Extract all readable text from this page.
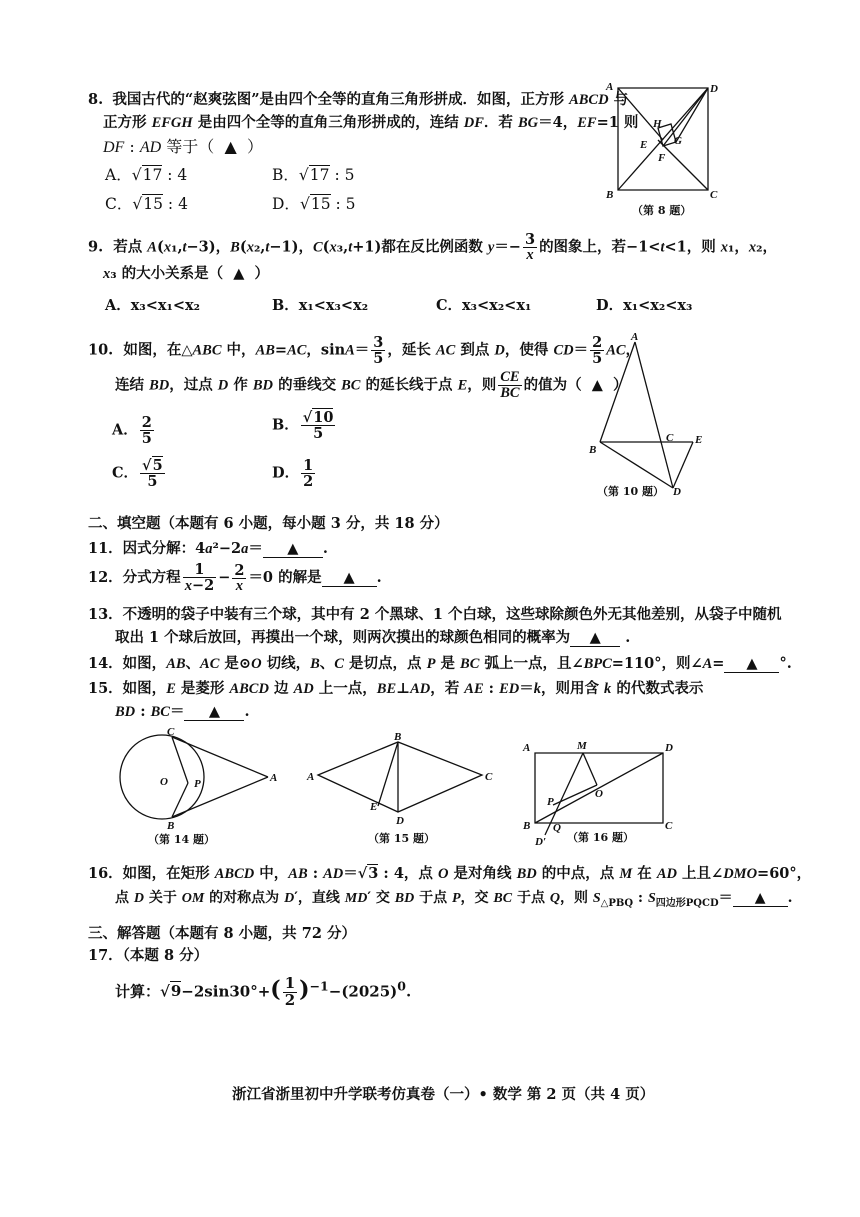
8. 我国古代的“赵爽弦图”是由四个全等的直角三角形拼成．如图，正方形 ABCD 与
正方形 EFGH 是由四个全等的直角三角形拼成的，连结 DF．若 BG＝4，EF=1 则
DF : AD 等于（  ▲  ）
A．√17 : 4	B．√17 : 5
C．√15 : 4	D．√15 : 5
A	D
B	C
H
E G
F
（第 8 题）
9.  若点 A(x₁,t−3)，B(x₂,t−1)，C(x₃,t+1)都在反比例函数 $y=- \frac{3}{x}$ 的图象上，若−1<t<1，则 x₁，x₂，
x₃ 的大小关系是（  ▲  ）
A．x₃<x₁<x₂	B．x₁<x₃<x₂	C．x₃<x₂<x₁	D．x₁<x₂<x₃
10.  如图，在△ABC 中，AB=AC，$\sin A= \frac{3}{5}$ ，延长 AC 到点 D，使得 $CD= \frac{2}{5}$ AC，
连结 BD，过点 D 作 BD 的垂线交 BC 的延长线于点 E，则 $\frac{CE}{BC}$ 的值为（  ▲  ）
A． $\frac{2}{5}$	B． $\frac{√10}{5}$
C． $\frac{√5}{5}$	D． $\frac{1}{2}$
A
B
C E
D
（第 10 题）
二、填空题（本题有 6 小题，每小题 3 分，共 18 分）
11．因式分解：4a²−2a＝ ▲ .
12．分式方程 $\frac{1}{x-2} - \frac{2}{x} =0$ 的解是 ▲ .
13．不透明的袋子中装有三个球，其中有 2 个黑球、1 个白球，这些球除颜色外无其他差别，从袋子中随机
取出 1 个球后放回，再摸出一个球，则两次摸出的球颜色相同的概率为 ▲ .
14．如图，AB、AC 是⊙O 切线，B、C 是切点，点 P 是 BC 弧上一点，且∠BPC=110°，则∠A= ▲ °.
15．如图，E 是菱形 ABCD 边 AD 上一点，BE⊥AD，若 AE : ED＝k，则用含 k 的代数式表示
BD : BC＝ ▲ .
C
B
A
O P
（第 14 题）
A
B
C
D
E
（第 15 题）
A	M	D
B	C
O
P
Q
D′ （第 16 题）
16．如图，在矩形 ABCD 中，AB : AD＝√3 : 4，点 O 是对角线 BD 的中点，点 M 在 AD 上且∠DMO=60°，
点 D 关于 OM 的对称点为 D′，直线 MD′ 交 BD 于点 P，交 BC 于点 Q，则 $S_{\triangle PBQ}$ : $S_{四边形PQCD}=$ ▲ .
三、解答题（本题有 8 小题，共 72 分）
17．（本题 8 分）
计算：$√9-2\sin 30^\circ+( \frac{1}{2} )^{-1}-(2025)^0$.
浙江省浙里初中升学联考仿真卷（一）• 数学 第 2 页（共 4 页）
